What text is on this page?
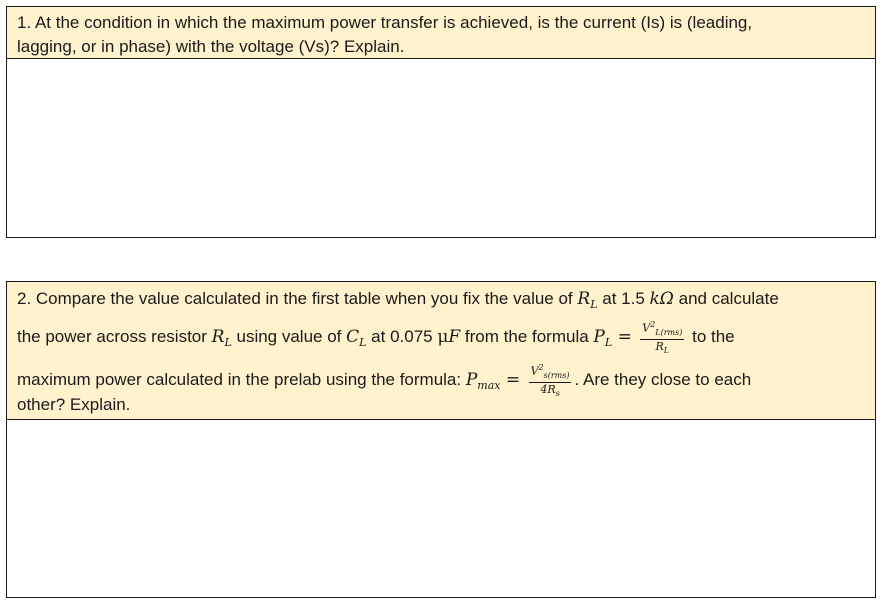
1. At the condition in which the maximum power transfer is achieved, is the current (Is) is (leading,
lagging, or in phase) with the voltage (Vs)? Explain.
2. Compare the value calculated in the first table when you fix the value of $R_L$ at 1.5 kΩ and calculate
the power across resistor $R_L$ using value of $C_L$ at 0.075 μF from the formula $P_L = \frac{V^2_{L(rms)}}{R_L}$ to the
maximum power calculated in the prelab using the formula: $P_{max} = \frac{V^2_{s(rms)}}{4R_s}$ . Are they close to each
other? Explain.
